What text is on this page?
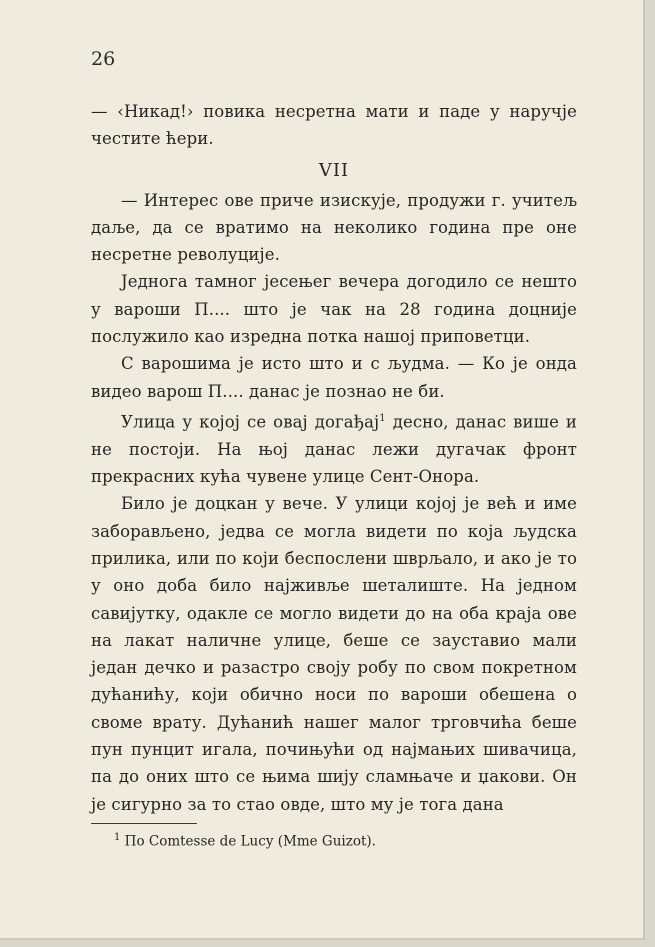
26

— ‹Никад!› повика несретна мати и паде у наручје честите ћери.

VII

— Интерес ове приче изискује, продужи г. учитељ даље, да се вратимо на неколико година пре оне несретне револуције.

Једнога тамног јесењег вечера догодило се нешто у вароши П.... што је чак на 28 година доцније послужило као изредна потка нашој приповетци.

С варошима је исто што и с људма. — Ко је онда видео варош П.... данас је познао не би.

Улица у којој се овај догађај$^1$ десно, данас више и не постоји. На њој данас лежи дугачак фронт прекрасних кућа чувене улице Сент-Онора.

Било је доцкан у вече. У улици којој је већ и име заборављено, једва се могла видети по која људска прилика, или по који беспослени шврљало, и ако је то у оно доба било најживље шеталиште. На једном савијутку, одакле се могло видети до на оба краја ове на лакат наличне улице, беше се зауставио мали један дечко и разастро своју робу по свом покретном дућанићу, који обично носи по вароши обешена о своме врату. Дућанић нашег малог трговчића беше пун пунцит игала, почињући од најмањих шивачица, па до оних што се њима шију сламњаче и џакови. Он је сигурно за то стао овде, што му је тога дана

$^1$ По Comtesse de Lucy (Mme Guizot).
